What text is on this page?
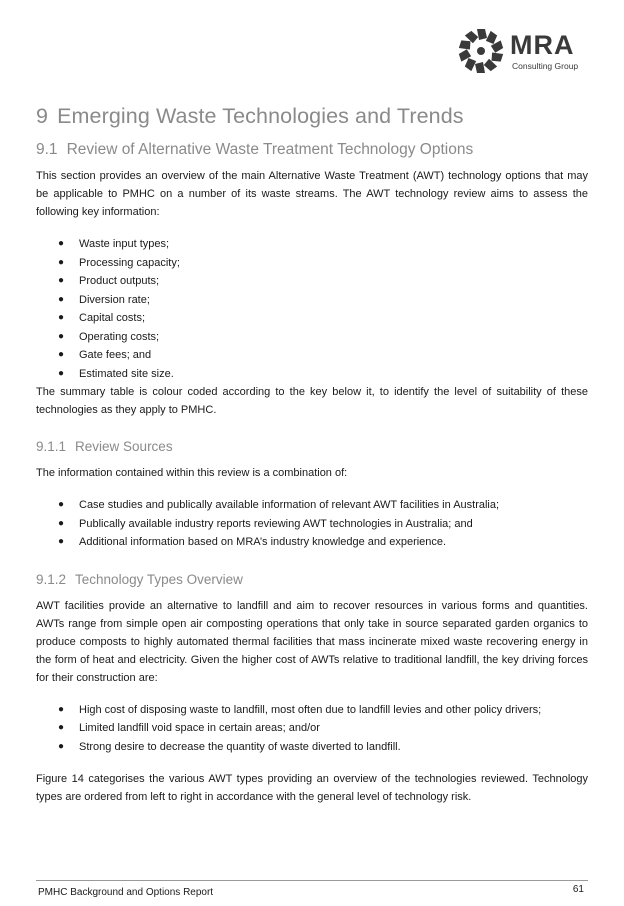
MRA
Consulting Group
9 Emerging Waste Technologies and Trends
9.1 Review of Alternative Waste Treatment Technology Options

This section provides an overview of the main Alternative Waste Treatment (AWT) technology options that may be applicable to PMHC on a number of its waste streams. The AWT technology review aims to assess the following key information:

● Waste input types;
● Processing capacity;
● Product outputs;
● Diversion rate;
● Capital costs;
● Operating costs;
● Gate fees; and
● Estimated site size.

The summary table is colour coded according to the key below it, to identify the level of suitability of these technologies as they apply to PMHC.

9.1.1 Review Sources

The information contained within this review is a combination of:

● Case studies and publically available information of relevant AWT facilities in Australia;
● Publically available industry reports reviewing AWT technologies in Australia; and
● Additional information based on MRA’s industry knowledge and experience.
9.1.2 Technology Types Overview

AWT facilities provide an alternative to landfill and aim to recover resources in various forms and quantities. AWTs range from simple open air composting operations that only take in source separated garden organics to produce composts to highly automated thermal facilities that mass incinerate mixed waste recovering energy in the form of heat and electricity. Given the higher cost of AWTs relative to traditional landfill, the key driving forces for their construction are:

● High cost of disposing waste to landfill, most often due to landfill levies and other policy drivers;
● Limited landfill void space in certain areas; and/or
● Strong desire to decrease the quantity of waste diverted to landfill.

Figure 14 categorises the various AWT types providing an overview of the technologies reviewed. Technology types are ordered from left to right in accordance with the general level of technology risk.

PMHC Background and Options Report	61
